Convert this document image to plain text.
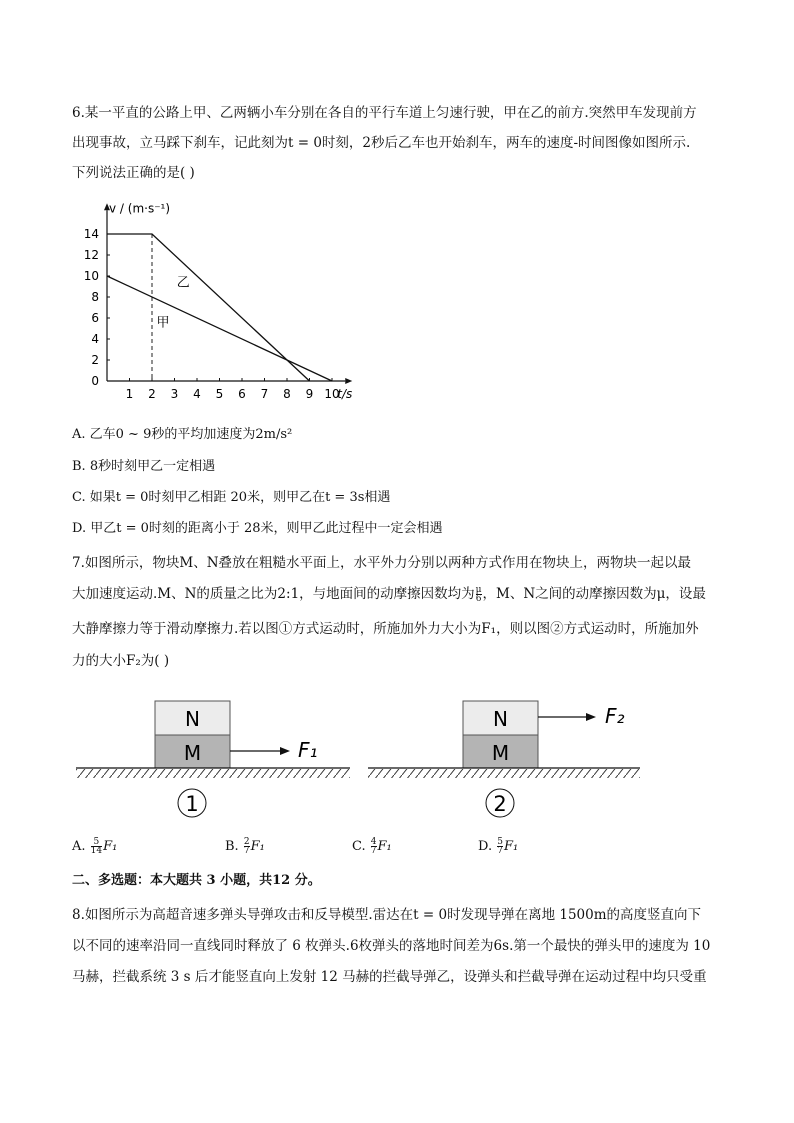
6.某一平直的公路上甲、乙两辆小车分别在各自的平行车道上匀速行驶，甲在乙的前方.突然甲车发现前方
出现事故，立马踩下刹车，记此刻为t = 0时刻，2秒后乙车也开始刹车，两车的速度-时间图像如图所示.
下列说法正确的是( )
0
2
4
6
8
10
12
14
1 2 3 4 5 6 7 8 9 10
v / (m·s⁻¹)
t/s
乙
甲
A. 乙车0 ~ 9秒的平均加速度为2m/s²
B. 8秒时刻甲乙一定相遇
C. 如果t = 0时刻甲乙相距 20米，则甲乙在t = 3s相遇
D. 甲乙t = 0时刻的距离小于 28米，则甲乙此过程中一定会相遇
7.如图所示，物块M、N叠放在粗糙水平面上，水平外力分别以两种方式作用在物块上，两物块一起以最
大加速度运动.M、N的质量之比为2:1，与地面间的动摩擦因数均为 $\frac{\mu}{6}$ ，M、N之间的动摩擦因数为μ，设最
大静摩擦力等于滑动摩擦力.若以图①方式运动时，所施加外力大小为F₁，则以图②方式运动时，所施加外
力的大小F₂为( )
N
M	F₁
1
N
M
F₂
2
A. $\frac{5}{14} F_1$	B. $\frac{2}{7} F_1$	C. $\frac{4}{7} F_1$	D. $\frac{5}{7} F_1$
二、多选题：本大题共 3 小题，共12 分。
8.如图所示为高超音速多弹头导弹攻击和反导模型.雷达在t = 0时发现导弹在离地 1500m的高度竖直向下
以不同的速率沿同一直线同时释放了 6 枚弹头.6枚弹头的落地时间差为6s.第一个最快的弹头甲的速度为 10
马赫，拦截系统 3 s 后才能竖直向上发射 12 马赫的拦截导弹乙，设弹头和拦截导弹在运动过程中均只受重
